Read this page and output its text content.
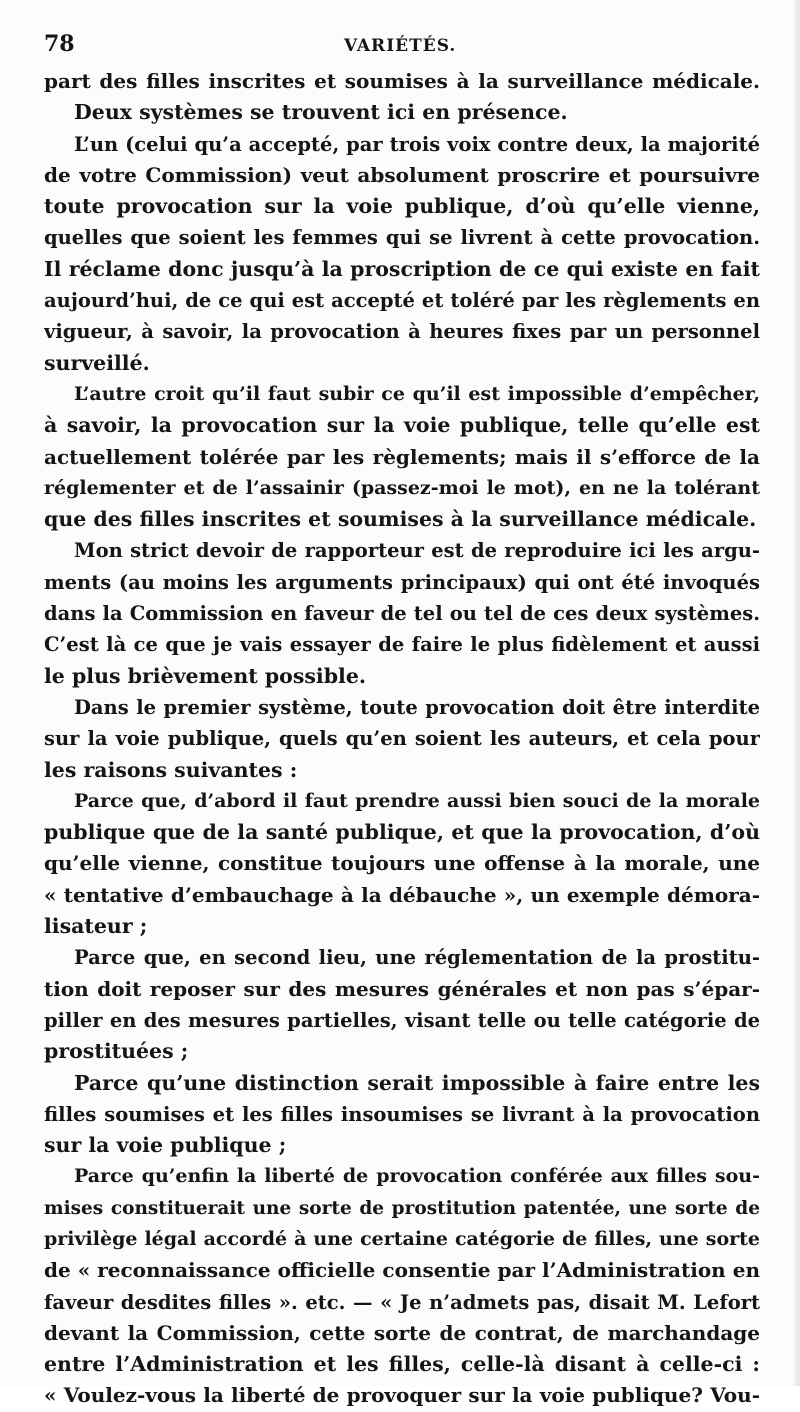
78	VARIÉTÉS.
part des filles inscrites et soumises à la surveillance médicale.
Deux systèmes se trouvent ici en présence.
L’un (celui qu’a accepté, par trois voix contre deux, la majorité
de votre Commission) veut absolument proscrire et poursuivre
toute provocation sur la voie publique, d’où qu’elle vienne,
quelles que soient les femmes qui se livrent à cette provocation.
Il réclame donc jusqu’à la proscription de ce qui existe en fait
aujourd’hui, de ce qui est accepté et toléré par les règlements en
vigueur, à savoir, la provocation à heures fixes par un personnel
surveillé.
L’autre croit qu’il faut subir ce qu’il est impossible d’empêcher,
à savoir, la provocation sur la voie publique, telle qu’elle est
actuellement tolérée par les règlements; mais il s’efforce de la
réglementer et de l’assainir (passez-moi le mot), en ne la tolérant
que des filles inscrites et soumises à la surveillance médicale.
Mon strict devoir de rapporteur est de reproduire ici les argu-
ments (au moins les arguments principaux) qui ont été invoqués
dans la Commission en faveur de tel ou tel de ces deux systèmes.
C’est là ce que je vais essayer de faire le plus fidèlement et aussi
le plus brièvement possible.
Dans le premier système, toute provocation doit être interdite
sur la voie publique, quels qu’en soient les auteurs, et cela pour
les raisons suivantes :
Parce que, d’abord il faut prendre aussi bien souci de la morale
publique que de la santé publique, et que la provocation, d’où
qu’elle vienne, constitue toujours une offense à la morale, une
« tentative d’embauchage à la débauche », un exemple démora-
lisateur ;
Parce que, en second lieu, une réglementation de la prostitu-
tion doit reposer sur des mesures générales et non pas s’épar-
piller en des mesures partielles, visant telle ou telle catégorie de
prostituées ;
Parce qu’une distinction serait impossible à faire entre les
filles soumises et les filles insoumises se livrant à la provocation
sur la voie publique ;
Parce qu’enfin la liberté de provocation conférée aux filles sou-
mises constituerait une sorte de prostitution patentée, une sorte de
privilège légal accordé à une certaine catégorie de filles, une sorte
de « reconnaissance officielle consentie par l’Administration en
faveur desdites filles ». etc. — « Je n’admets pas, disait M. Lefort
devant la Commission, cette sorte de contrat, de marchandage
entre l’Administration et les filles, celle-là disant à celle-ci :
« Voulez-vous la liberté de provoquer sur la voie publique? Vou-
